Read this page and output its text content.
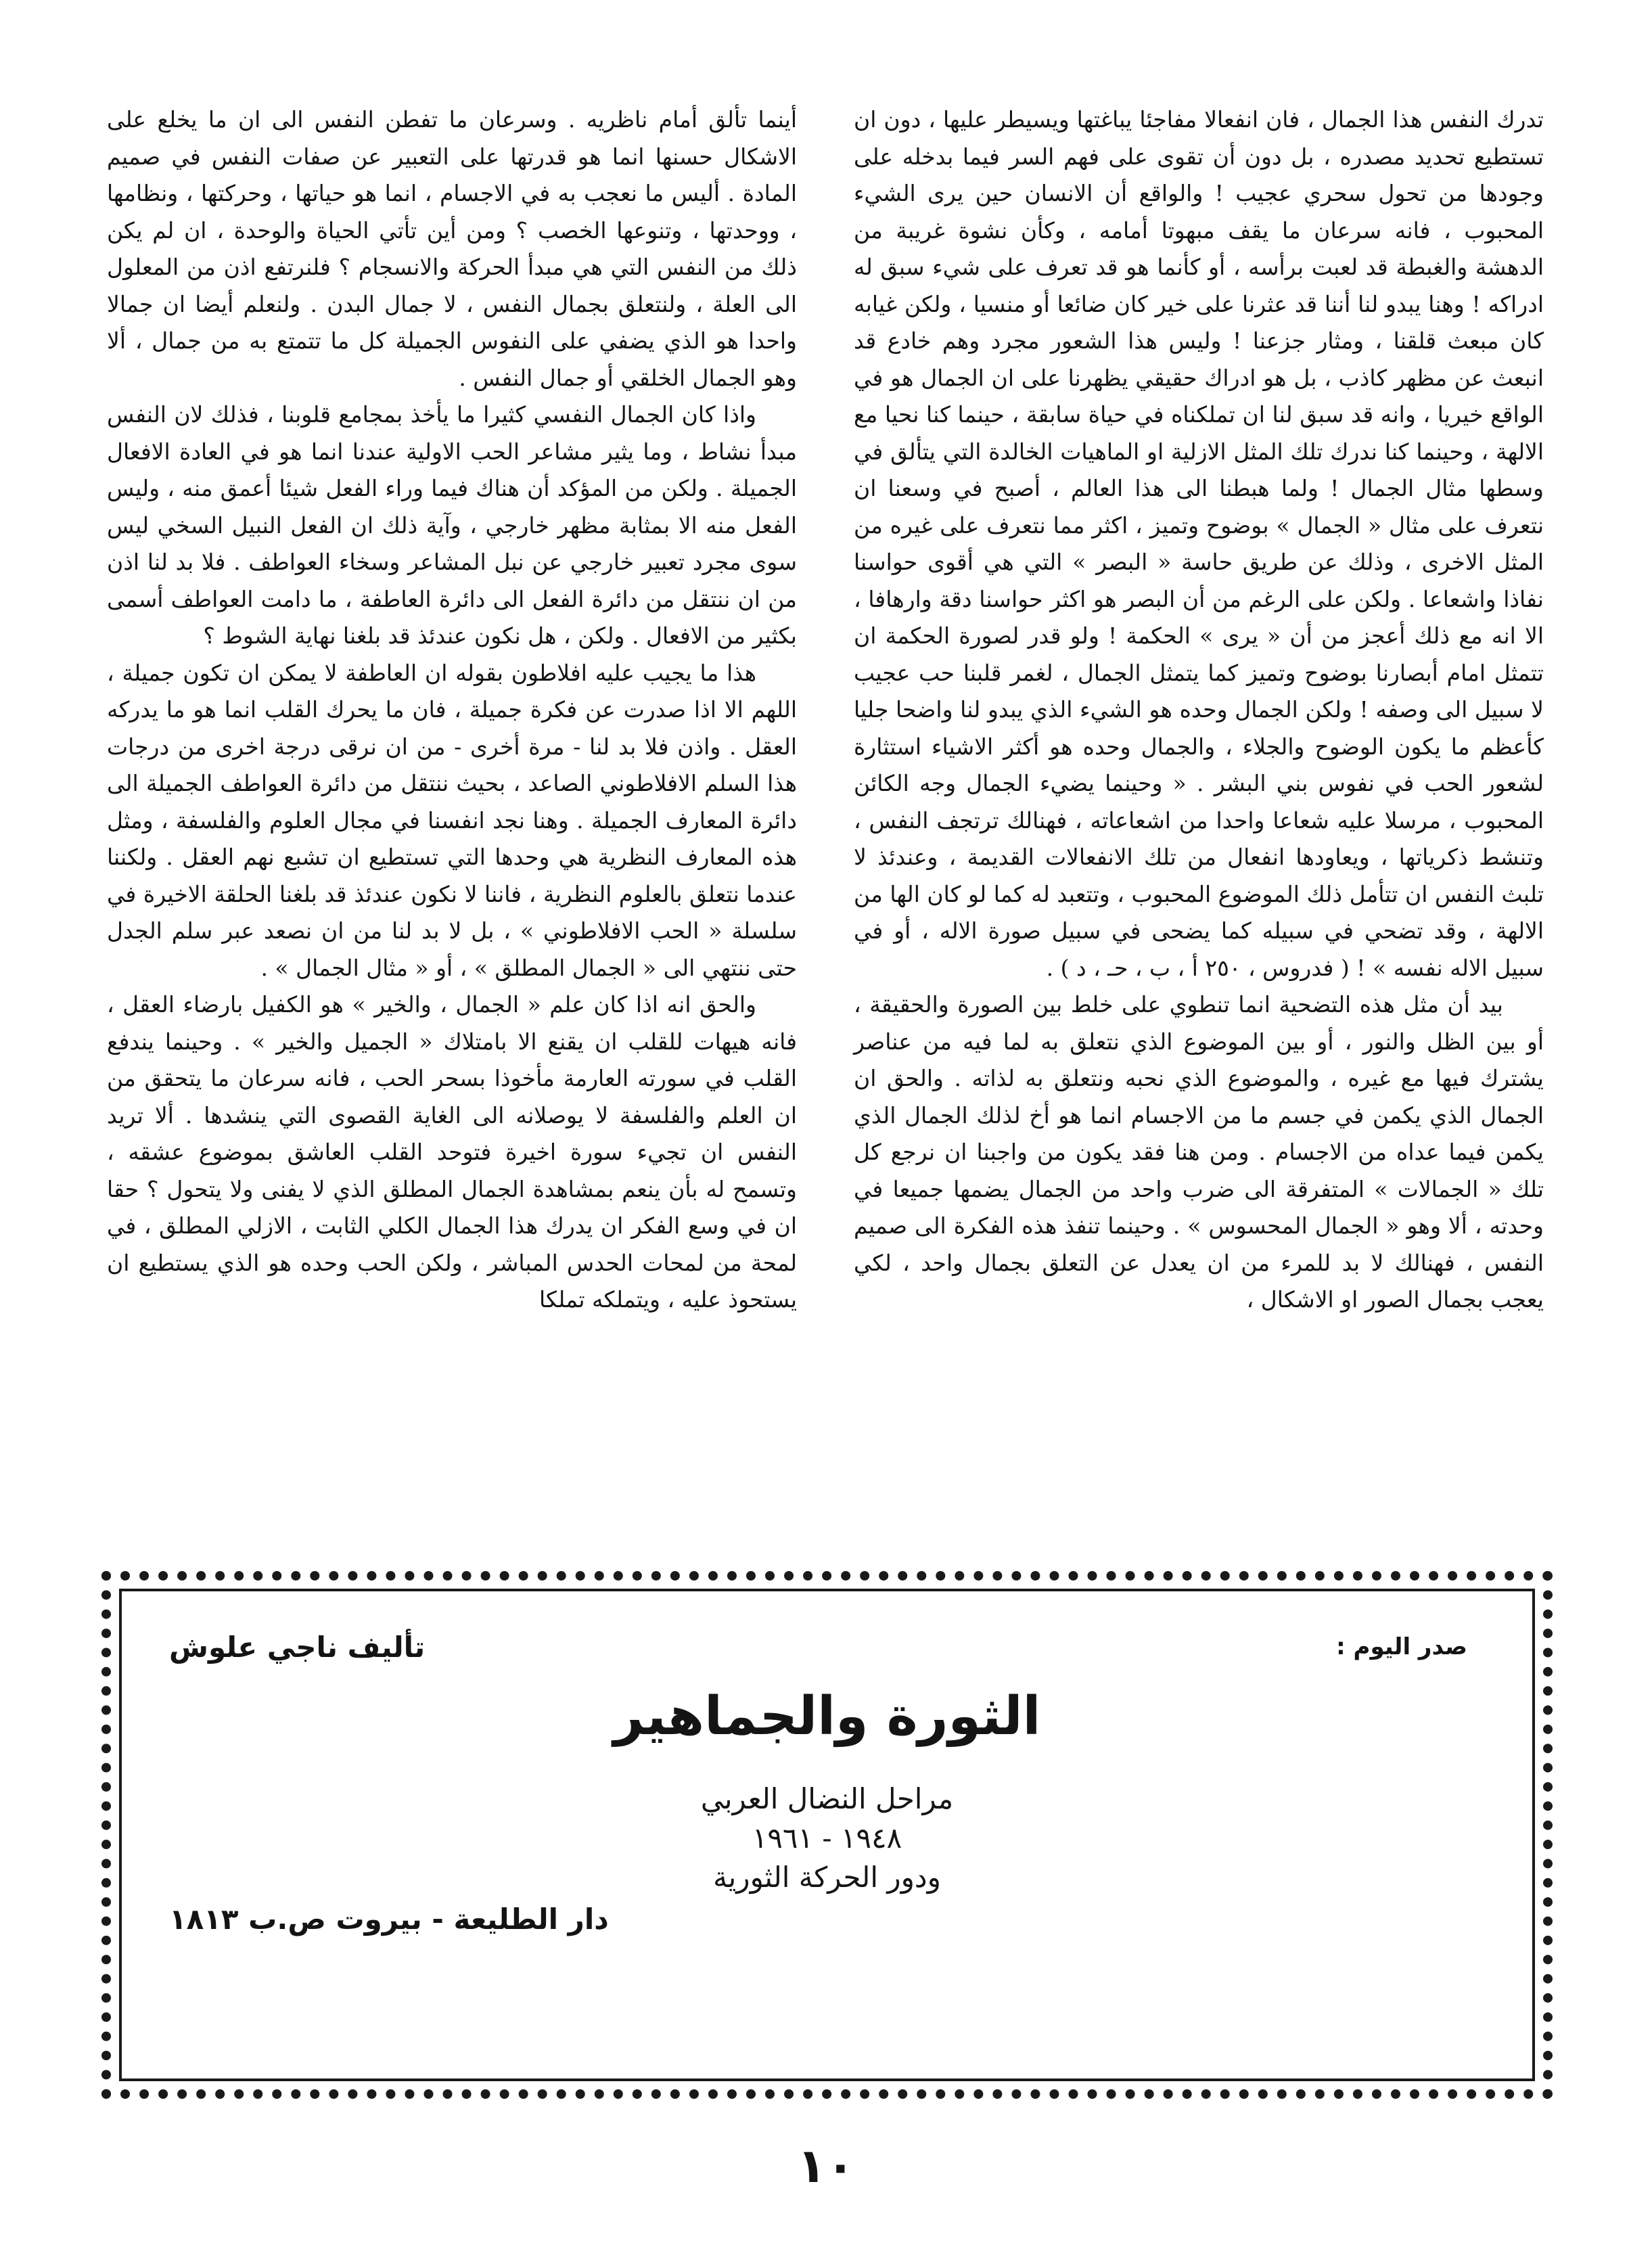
تدرك النفس هذا الجمال ، فان انفعالا مفاجئا يباغتها ويسيطر عليها ، دون ان تستطيع تحديد مصدره ، بل دون أن تقوى على فهم السر فيما بدخله على وجودها من تحول سحري عجيب ! والواقع أن الانسان حين يرى الشيء المحبوب ، فانه سرعان ما يقف مبهوتا أمامه ، وكأن نشوة غريبة من الدهشة والغبطة قد لعبت برأسه ، أو كأنما هو قد تعرف على شيء سبق له ادراكه ! وهنا يبدو لنا أننا قد عثرنا على خير كان ضائعا أو منسيا ، ولكن غيابه كان مبعث قلقنا ، ومثار جزعنا ! وليس هذا الشعور مجرد وهم خادع قد انبعث عن مظهر كاذب ، بل هو ادراك حقيقي يظهرنا على ان الجمال هو في الواقع خيريا ، وانه قد سبق لنا ان تملكناه في حياة سابقة ، حينما كنا نحيا مع الالهة ، وحينما كنا ندرك تلك المثل الازلية او الماهيات الخالدة التي يتألق في وسطها مثال الجمال ! ولما هبطنا الى هذا العالم ، أصبح في وسعنا ان نتعرف على مثال « الجمال » بوضوح وتميز ، اكثر مما نتعرف على غيره من المثل الاخرى ، وذلك عن طريق حاسة « البصر » التي هي أقوى حواسنا نفاذا واشعاعا . ولكن على الرغم من أن البصر هو اكثر حواسنا دقة وارهافا ، الا انه مع ذلك أعجز من أن « يرى » الحكمة ! ولو قدر لصورة الحكمة ان تتمثل امام أبصارنا بوضوح وتميز كما يتمثل الجمال ، لغمر قلبنا حب عجيب لا سبيل الى وصفه ! ولكن الجمال وحده هو الشيء الذي يبدو لنا واضحا جليا كأعظم ما يكون الوضوح والجلاء ، والجمال وحده هو أكثر الاشياء استثارة لشعور الحب في نفوس بني البشر . « وحينما يضيء الجمال وجه الكائن المحبوب ، مرسلا عليه شعاعا واحدا من اشعاعاته ، فهنالك ترتجف النفس ، وتنشط ذكرياتها ، ويعاودها انفعال من تلك الانفعالات القديمة ، وعندئذ لا تلبث النفس ان تتأمل ذلك الموضوع المحبوب ، وتتعبد له كما لو كان الها من الالهة ، وقد تضحي في سبيله كما يضحى في سبيل صورة الاله ، أو في سبيل الاله نفسه » ! ( فدروس ، ٢٥٠ أ ، ب ، حـ ، د ) .

بيد أن مثل هذه التضحية انما تنطوي على خلط بين الصورة والحقيقة ، أو بين الظل والنور ، أو بين الموضوع الذي نتعلق به لما فيه من عناصر يشترك فيها مع غيره ، والموضوع الذي نحبه ونتعلق به لذاته . والحق ان الجمال الذي يكمن في جسم ما من الاجسام انما هو أخ لذلك الجمال الذي يكمن فيما عداه من الاجسام . ومن هنا فقد يكون من واجبنا ان نرجع كل تلك « الجمالات » المتفرقة الى ضرب واحد من الجمال يضمها جميعا في وحدته ، ألا وهو « الجمال المحسوس » . وحينما تنفذ هذه الفكرة الى صميم النفس ، فهنالك لا بد للمرء من ان يعدل عن التعلق بجمال واحد ، لكي يعجب بجمال الصور او الاشكال ،

أينما تألق أمام ناظريه . وسرعان ما تفطن النفس الى ان ما يخلع على الاشكال حسنها انما هو قدرتها على التعبير عن صفات النفس في صميم المادة . أليس ما نعجب به في الاجسام ، انما هو حياتها ، وحركتها ، ونظامها ، ووحدتها ، وتنوعها الخصب ؟ ومن أين تأتي الحياة والوحدة ، ان لم يكن ذلك من النفس التي هي مبدأ الحركة والانسجام ؟ فلنرتفع اذن من المعلول الى العلة ، ولنتعلق بجمال النفس ، لا جمال البدن . ولنعلم أيضا ان جمالا واحدا هو الذي يضفي على النفوس الجميلة كل ما تتمتع به من جمال ، ألا وهو الجمال الخلقي أو جمال النفس .

واذا كان الجمال النفسي كثيرا ما يأخذ بمجامع قلوبنا ، فذلك لان النفس مبدأ نشاط ، وما يثير مشاعر الحب الاولية عندنا انما هو في العادة الافعال الجميلة . ولكن من المؤكد أن هناك فيما وراء الفعل شيئا أعمق منه ، وليس الفعل منه الا بمثابة مظهر خارجي ، وآية ذلك ان الفعل النبيل السخي ليس سوى مجرد تعبير خارجي عن نبل المشاعر وسخاء العواطف . فلا بد لنا اذن من ان ننتقل من دائرة الفعل الى دائرة العاطفة ، ما دامت العواطف أسمى بكثير من الافعال . ولكن ، هل نكون عندئذ قد بلغنا نهاية الشوط ؟

هذا ما يجيب عليه افلاطون بقوله ان العاطفة لا يمكن ان تكون جميلة ، اللهم الا اذا صدرت عن فكرة جميلة ، فان ما يحرك القلب انما هو ما يدركه العقل . واذن فلا بد لنا - مرة أخرى - من ان نرقى درجة اخرى من درجات هذا السلم الافلاطوني الصاعد ، بحيث ننتقل من دائرة العواطف الجميلة الى دائرة المعارف الجميلة . وهنا نجد انفسنا في مجال العلوم والفلسفة ، ومثل هذه المعارف النظرية هي وحدها التي تستطيع ان تشبع نهم العقل . ولكننا عندما نتعلق بالعلوم النظرية ، فاننا لا نكون عندئذ قد بلغنا الحلقة الاخيرة في سلسلة « الحب الافلاطوني » ، بل لا بد لنا من ان نصعد عبر سلم الجدل حتى ننتهي الى « الجمال المطلق » ، أو « مثال الجمال » .

والحق انه اذا كان علم « الجمال ، والخير » هو الكفيل بارضاء العقل ، فانه هيهات للقلب ان يقنع الا بامتلاك « الجميل والخير » . وحينما يندفع القلب في سورته العارمة مأخوذا بسحر الحب ، فانه سرعان ما يتحقق من ان العلم والفلسفة لا يوصلانه الى الغاية القصوى التي ينشدها . ألا تريد النفس ان تجيء سورة اخيرة فتوحد القلب العاشق بموضوع عشقه ، وتسمح له بأن ينعم بمشاهدة الجمال المطلق الذي لا يفنى ولا يتحول ؟ حقا ان في وسع الفكر ان يدرك هذا الجمال الكلي الثابت ، الازلي المطلق ، في لمحة من لمحات الحدس المباشر ، ولكن الحب وحده هو الذي يستطيع ان يستحوذ عليه ، ويتملكه تملكا

صدر اليوم :
تأليف ناجي علوش
الثورة والجماهير
مراحل النضال العربي
١٩٤٨ - ١٩٦١
ودور الحركة الثورية
دار الطليعة - بيروت ص.ب ١٨١٣
١٠
